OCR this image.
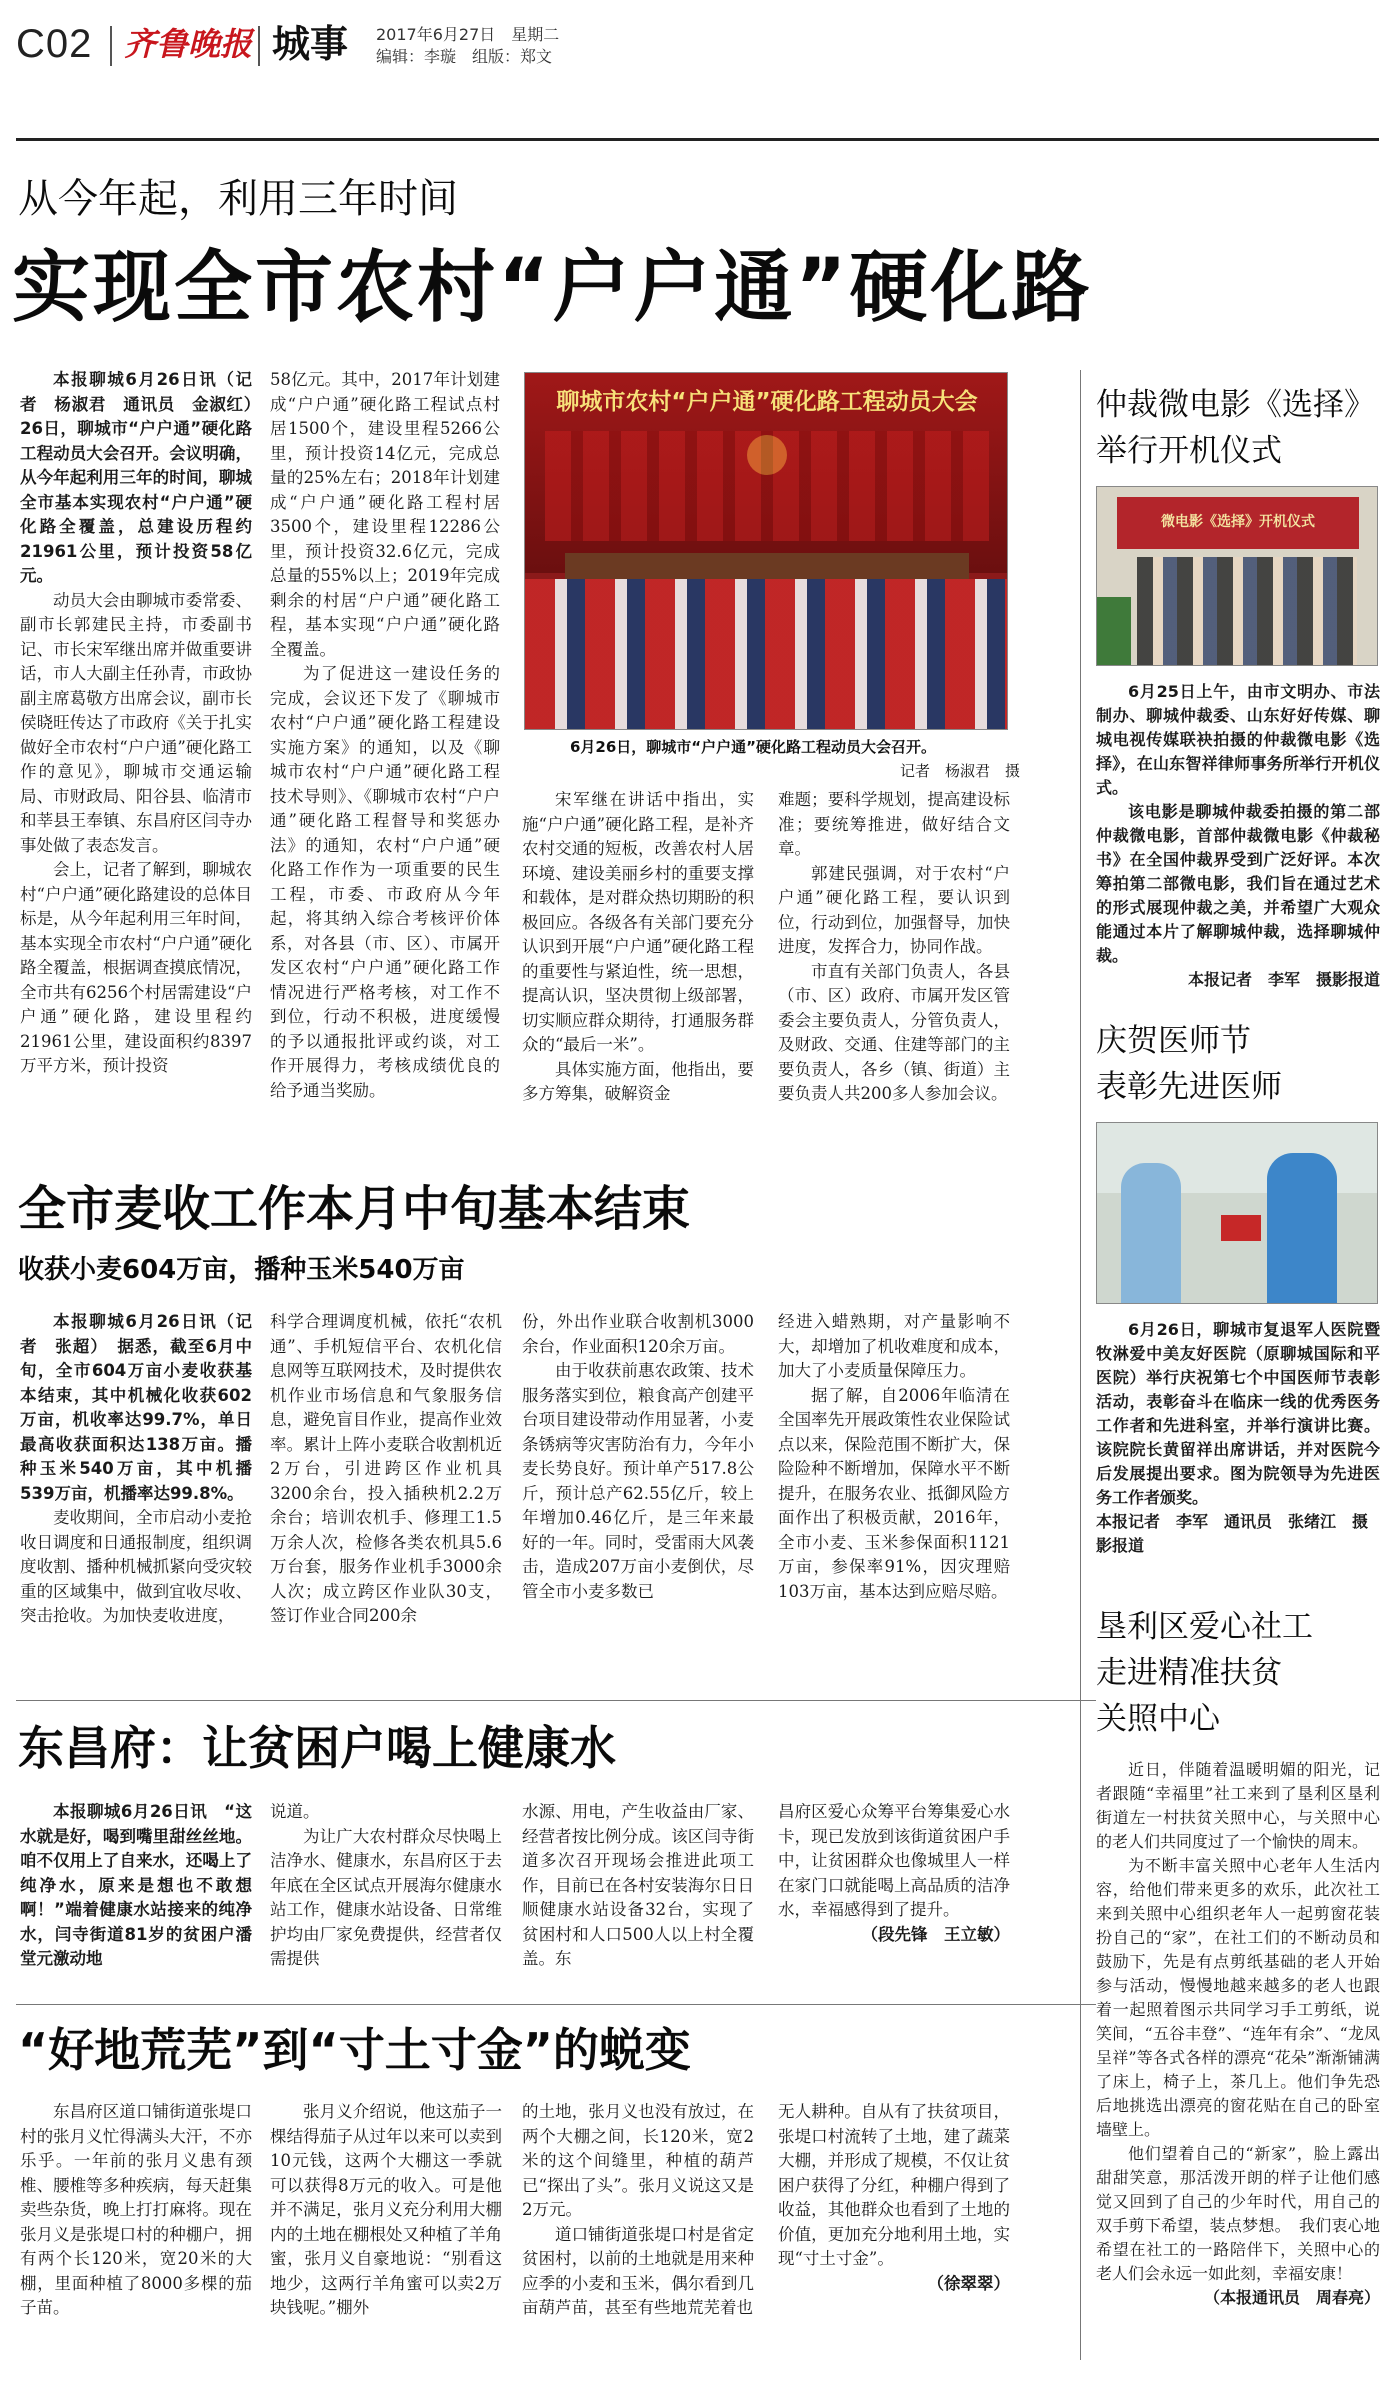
C02 齐鲁晚报 城事 2017年6月27日　星期二
编辑：李璇　组版：郑文
从今年起，利用三年时间
实现全市农村“户户通”硬化路

本报聊城6月26日讯（记者　杨淑君　通讯员　金淑红）　26日，聊城市“户户通”硬化路工程动员大会召开。会议明确，从今年起利用三年的时间，聊城全市基本实现农村“户户通”硬化路全覆盖，总建设历程约21961公里，预计投资58亿元。

动员大会由聊城市委常委、副市长郭建民主持，市委副书记、市长宋军继出席并做重要讲话，市人大副主任孙青，市政协副主席葛敬方出席会议，副市长侯晓旺传达了市政府《关于扎实做好全市农村“户户通”硬化路工作的意见》，聊城市交通运输局、市财政局、阳谷县、临清市和莘县王奉镇、东昌府区闫寺办事处做了表态发言。

会上，记者了解到，聊城农村“户户通”硬化路建设的总体目标是，从今年起利用三年时间，基本实现全市农村“户户通”硬化路全覆盖，根据调查摸底情况，全市共有6256个村居需建设“户户通”硬化路，建设里程约21961公里，建设面积约8397万平方米，预计投资

58亿元。其中，2017年计划建成“户户通”硬化路工程试点村居1500个，建设里程5266公里，预计投资14亿元，完成总量的25%左右；2018年计划建成“户户通”硬化路工程村居3500个，建设里程12286公里，预计投资32.6亿元，完成总量的55%以上；2019年完成剩余的村居“户户通”硬化路工程，基本实现“户户通”硬化路全覆盖。

为了促进这一建设任务的完成，会议还下发了《聊城市农村“户户通”硬化路工程建设实施方案》的通知，以及《聊城市农村“户户通”硬化路工程技术导则》、《聊城市农村“户户通”硬化路工程督导和奖惩办法》的通知，农村“户户通”硬化路工作作为一项重要的民生工程，市委、市政府从今年起，将其纳入综合考核评价体系，对各县（市、区）、市属开发区农村“户户通”硬化路工作情况进行严格考核，对工作不到位，行动不积极，进度缓慢的予以通报批评或约谈，对工作开展得力，考核成绩优良的给予通当奖励。

聊城市农村“户户通”硬化路工程动员大会
6月26日，聊城市“户户通”硬化路工程动员大会召开。
记者　杨淑君　摄

宋军继在讲话中指出，实施“户户通”硬化路工程，是补齐农村交通的短板，改善农村人居环境、建设美丽乡村的重要支撑和载体，是对群众热切期盼的积极回应。各级各有关部门要充分认识到开展“户户通”硬化路工程的重要性与紧迫性，统一思想，提高认识，坚决贯彻上级部署，切实顺应群众期待，打通服务群众的“最后一米”。

具体实施方面，他指出，要多方筹集，破解资金

难题；要科学规划，提高建设标准；要统筹推进，做好结合文章。

郭建民强调，对于农村“户户通”硬化路工程，要认识到位，行动到位，加强督导，加快进度，发挥合力，协同作战。

市直有关部门负责人，各县（市、区）政府、市属开发区管委会主要负责人，分管负责人，及财政、交通、住建等部门的主要负责人，各乡（镇、街道）主要负责人共200多人参加会议。

全市麦收工作本月中旬基本结束
收获小麦604万亩，播种玉米540万亩

本报聊城6月26日讯（记者　张超）　据悉，截至6月中旬，全市604万亩小麦收获基本结束，其中机械化收获602万亩，机收率达99.7%，单日最高收获面积达138万亩。播种玉米540万亩，其中机播539万亩，机播率达99.8%。

麦收期间，全市启动小麦抢收日调度和日通报制度，组织调度收割、播种机械抓紧向受灾较重的区域集中，做到宜收尽收、突击抢收。为加快麦收进度，

科学合理调度机械，依托“农机通”、手机短信平台、农机化信息网等互联网技术，及时提供农机作业市场信息和气象服务信息，避免盲目作业，提高作业效率。累计上阵小麦联合收割机近2万台，引进跨区作业机具3200余台，投入插秧机2.2万余台；培训农机手、修理工1.5万余人次，检修各类农机具5.6万台套，服务作业机手3000余人次；成立跨区作业队30支，签订作业合同200余

份，外出作业联合收割机3000余台，作业面积120余万亩。

由于收获前惠农政策、技术服务落实到位，粮食高产创建平台项目建设带动作用显著，小麦条锈病等灾害防治有力，今年小麦长势良好。预计单产517.8公斤，预计总产62.55亿斤，较上年增加0.46亿斤，是三年来最好的一年。同时，受雷雨大风袭击，造成207万亩小麦倒伏，尽管全市小麦多数已

经进入蜡熟期，对产量影响不大，却增加了机收难度和成本，加大了小麦质量保障压力。

据了解，自2006年临清在全国率先开展政策性农业保险试点以来，保险范围不断扩大，保险险种不断增加，保障水平不断提升，在服务农业、抵御风险方面作出了积极贡献，2016年，全市小麦、玉米参保面积1121万亩，参保率91%，因灾理赔103万亩，基本达到应赔尽赔。

东昌府：让贫困户喝上健康水

本报聊城6月26日讯　“这水就是好，喝到嘴里甜丝丝地。咱不仅用上了自来水，还喝上了纯净水，原来是想也不敢想啊！”端着健康水站接来的纯净水，闫寺街道81岁的贫困户潘堂元激动地

说道。

为让广大农村群众尽快喝上洁净水、健康水，东昌府区于去年底在全区试点开展海尔健康水站工作，健康水站设备、日常维护均由厂家免费提供，经营者仅需提供

水源、用电，产生收益由厂家、经营者按比例分成。该区闫寺街道多次召开现场会推进此项工作，目前已在各村安装海尔日日顺健康水站设备32台，实现了贫困村和人口500人以上村全覆盖。东

昌府区爱心众筹平台筹集爱心水卡，现已发放到该街道贫困户手中，让贫困群众也像城里人一样在家门口就能喝上高品质的洁净水，幸福感得到了提升。

（段先锋　王立敏）

“好地荒芜”到“寸土寸金”的蜕变

东昌府区道口铺街道张堤口村的张月义忙得满头大汗，不亦乐乎。一年前的张月义患有颈椎、腰椎等多种疾病，每天赶集卖些杂货，晚上打打麻将。现在张月义是张堤口村的种棚户，拥有两个长120米，宽20米的大棚，里面种植了8000多棵的茄子苗。

张月义介绍说，他这茄子一棵结得茄子从过年以来可以卖到10元钱，这两个大棚这一季就可以获得8万元的收入。可是他并不满足，张月义充分利用大棚内的土地在棚根处又种植了羊角蜜，张月义自豪地说：“别看这地少，这两行羊角蜜可以卖2万块钱呢。”棚外

的土地，张月义也没有放过，在两个大棚之间，长120米，宽2米的这个间缝里，种植的葫芦已“探出了头”。张月义说这又是2万元。

道口铺街道张堤口村是省定贫困村，以前的土地就是用来种应季的小麦和玉米，偶尔看到几亩葫芦苗，甚至有些地荒芜着也

无人耕种。自从有了扶贫项目，张堤口村流转了土地，建了蔬菜大棚，并形成了规模，不仅让贫困户获得了分红，种棚户得到了收益，其他群众也看到了土地的价值，更加充分地利用土地，实现“寸土寸金”。

（徐翠翠）

仲裁微电影《选择》
举行开机仪式
微电影《选择》开机仪式

6月25日上午，由市文明办、市法制办、聊城仲裁委、山东好好传媒、聊城电视传媒联袂拍摄的仲裁微电影《选择》，在山东智祥律师事务所举行开机仪式。

该电影是聊城仲裁委拍摄的第二部仲裁微电影，首部仲裁微电影《仲裁秘书》在全国仲裁界受到广泛好评。本次筹拍第二部微电影，我们旨在通过艺术的形式展现仲裁之美，并希望广大观众能通过本片了解聊城仲裁，选择聊城仲裁。

本报记者　李军　摄影报道

庆贺医师节
表彰先进医师

6月26日，聊城市复退军人医院暨牧淋爱中美友好医院（原聊城国际和平医院）举行庆祝第七个中国医师节表彰活动，表彰奋斗在临床一线的优秀医务工作者和先进科室，并举行演讲比赛。该院院长黄留祥出席讲话，并对医院今后发展提出要求。图为院领导为先进医务工作者颁奖。

本报记者　李军　通讯员　张绪江　摄影报道

垦利区爱心社工
走进精准扶贫
关照中心

近日，伴随着温暖明媚的阳光，记者跟随“幸福里”社工来到了垦利区垦利街道左一村扶贫关照中心，与关照中心的老人们共同度过了一个愉快的周末。

为不断丰富关照中心老年人生活内容，给他们带来更多的欢乐，此次社工来到关照中心组织老年人一起剪窗花装扮自己的“家”，在社工们的不断动员和鼓励下，先是有点剪纸基础的老人开始参与活动，慢慢地越来越多的老人也跟着一起照着图示共同学习手工剪纸，说笑间，“五谷丰登”、“连年有余”、“龙凤呈祥”等各式各样的漂亮“花朵”渐渐铺满了床上，椅子上，茶几上。他们争先恐后地挑选出漂亮的窗花贴在自己的卧室墙壁上。

他们望着自己的“新家”，脸上露出甜甜笑意，那活泼开朗的样子让他们感觉又回到了自己的少年时代，用自己的双手剪下希望，装点梦想。　我们衷心地希望在社工的一路陪伴下，关照中心的老人们会永远一如此刻，幸福安康！

（本报通讯员　周春亮）
